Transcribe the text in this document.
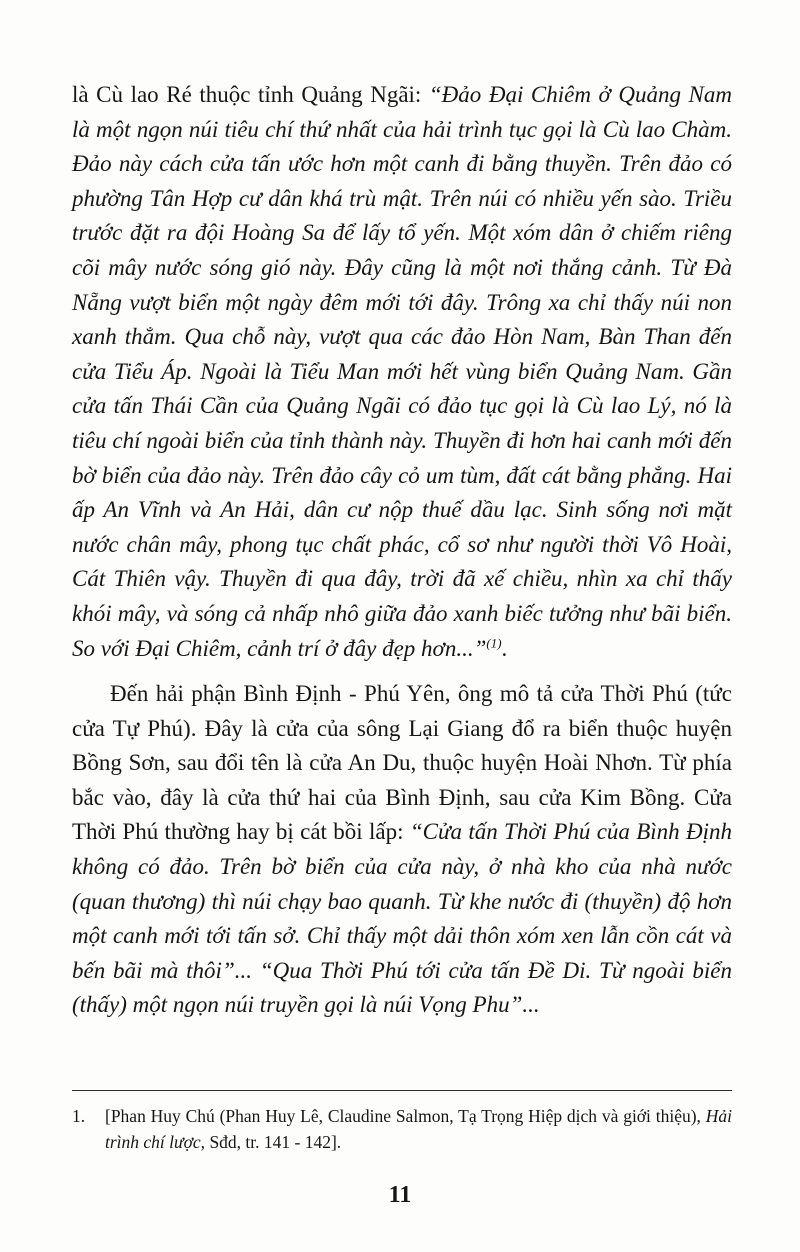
là Cù lao Ré thuộc tỉnh Quảng Ngãi: “Đảo Đại Chiêm ở Quảng Nam là một ngọn núi tiêu chí thứ nhất của hải trình tục gọi là Cù lao Chàm. Đảo này cách cửa tấn ước hơn một canh đi bằng thuyền. Trên đảo có phường Tân Hợp cư dân khá trù mật. Trên núi có nhiều yến sào. Triều trước đặt ra đội Hoàng Sa để lấy tổ yến. Một xóm dân ở chiếm riêng cõi mây nước sóng gió này. Đây cũng là một nơi thắng cảnh. Từ Đà Nẵng vượt biển một ngày đêm mới tới đây. Trông xa chỉ thấy núi non xanh thẳm. Qua chỗ này, vượt qua các đảo Hòn Nam, Bàn Than đến cửa Tiểu Áp. Ngoài là Tiểu Man mới hết vùng biển Quảng Nam. Gần cửa tấn Thái Cần của Quảng Ngãi có đảo tục gọi là Cù lao Lý, nó là tiêu chí ngoài biển của tỉnh thành này. Thuyền đi hơn hai canh mới đến bờ biển của đảo này. Trên đảo cây cỏ um tùm, đất cát bằng phẳng. Hai ấp An Vĩnh và An Hải, dân cư nộp thuế dầu lạc. Sinh sống nơi mặt nước chân mây, phong tục chất phác, cổ sơ như người thời Vô Hoài, Cát Thiên vậy. Thuyền đi qua đây, trời đã xế chiều, nhìn xa chỉ thấy khói mây, và sóng cả nhấp nhô giữa đảo xanh biếc tưởng như bãi biển. So với Đại Chiêm, cảnh trí ở đây đẹp hơn...”$^{(1)}$.

Đến hải phận Bình Định - Phú Yên, ông mô tả cửa Thời Phú (tức cửa Tự Phú). Đây là cửa của sông Lại Giang đổ ra biển thuộc huyện Bồng Sơn, sau đổi tên là cửa An Du, thuộc huyện Hoài Nhơn. Từ phía bắc vào, đây là cửa thứ hai của Bình Định, sau cửa Kim Bồng. Cửa Thời Phú thường hay bị cát bồi lấp: “Cửa tấn Thời Phú của Bình Định không có đảo. Trên bờ biển của cửa này, ở nhà kho của nhà nước (quan thương) thì núi chạy bao quanh. Từ khe nước đi (thuyền) độ hơn một canh mới tới tấn sở. Chỉ thấy một dải thôn xóm xen lẫn cồn cát và bến bãi mà thôi”... “Qua Thời Phú tới cửa tấn Đề Di. Từ ngoài biển (thấy) một ngọn núi truyền gọi là núi Vọng Phu”...

1.	[Phan Huy Chú (Phan Huy Lê, Claudine Salmon, Tạ Trọng Hiệp dịch và giới thiệu), Hải trình chí lược, Sđd, tr. 141 - 142].
11
